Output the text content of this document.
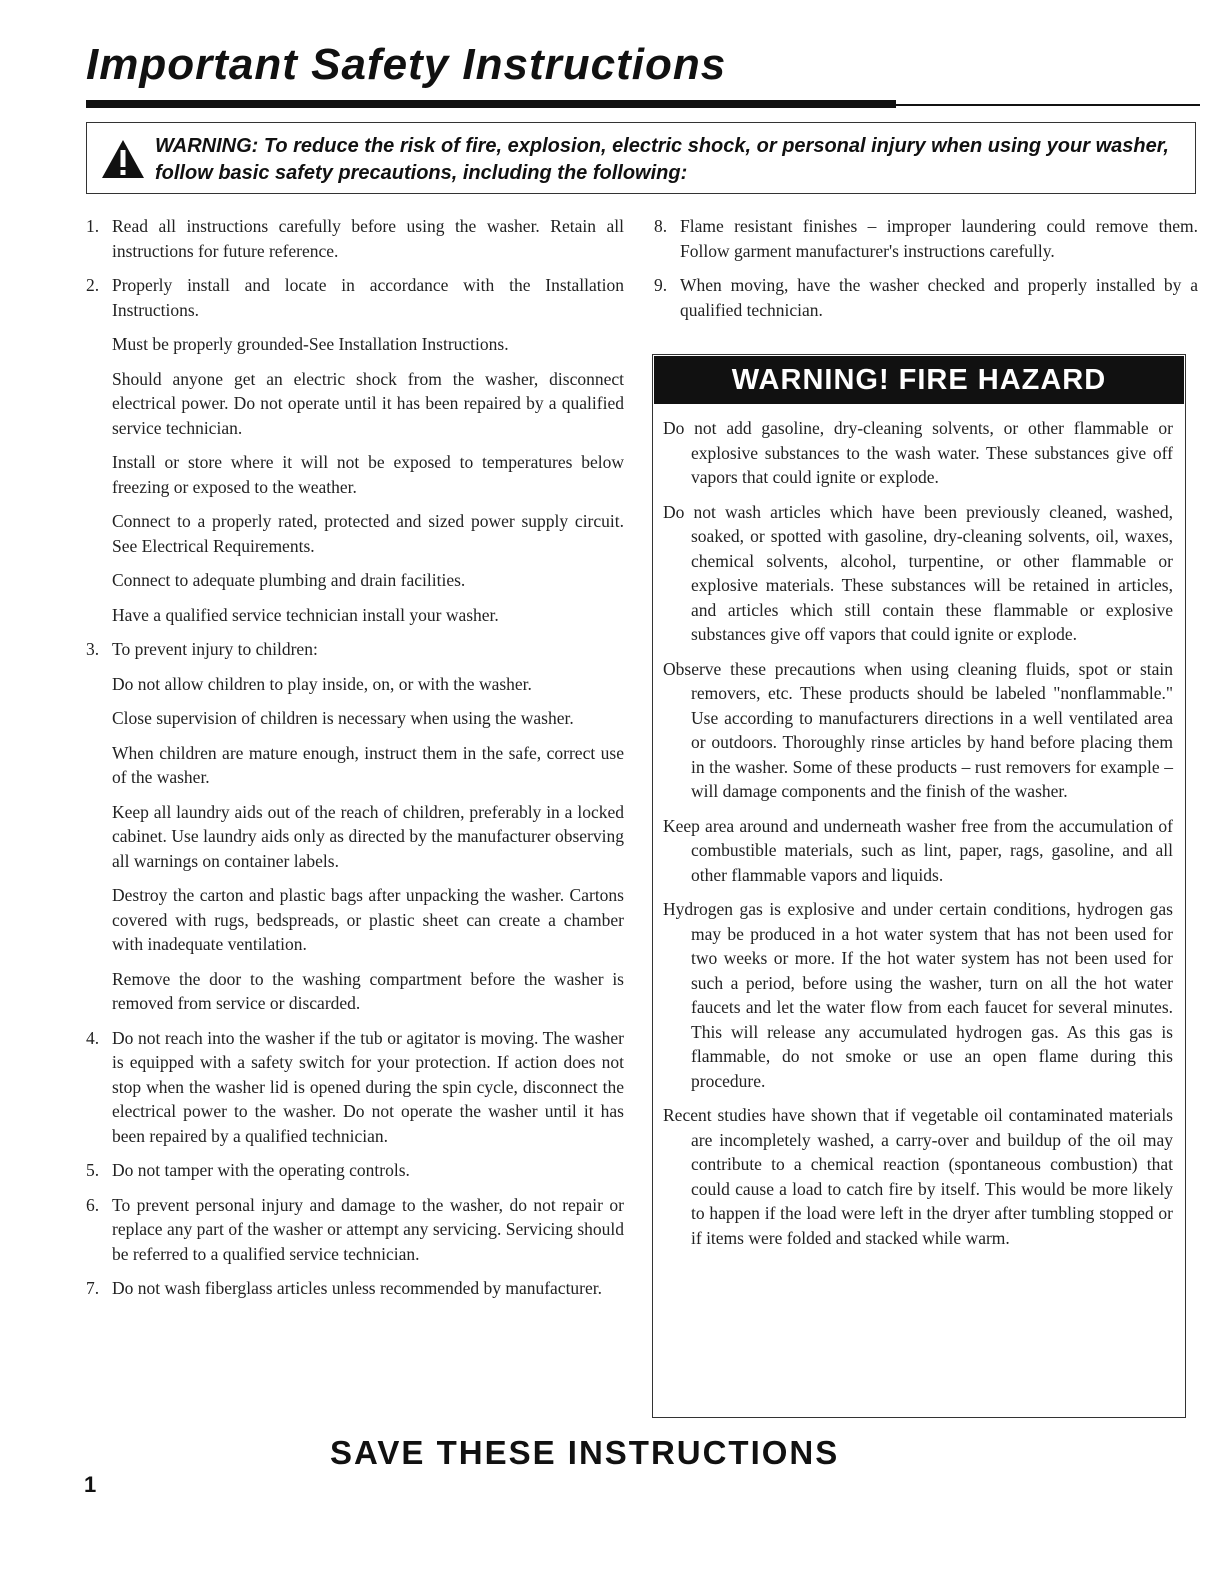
Important Safety Instructions

WARNING: To reduce the risk of fire, explosion, electric shock, or personal injury when using your washer, follow basic safety precautions, including the following:

1. Read all instructions carefully before using the washer. Retain all instructions for future reference.

2. Properly install and locate in accordance with the Installation Instructions.

Must be properly grounded-See Installation Instructions.

Should anyone get an electric shock from the washer, disconnect electrical power. Do not operate until it has been repaired by a qualified service technician.

Install or store where it will not be exposed to temperatures below freezing or exposed to the weather.

Connect to a properly rated, protected and sized power supply circuit. See Electrical Requirements.

Connect to adequate plumbing and drain facilities.

Have a qualified service technician install your washer.

3. To prevent injury to children:

Do not allow children to play inside, on, or with the washer.

Close supervision of children is necessary when using the washer.

When children are mature enough, instruct them in the safe, correct use of the washer.

Keep all laundry aids out of the reach of children, preferably in a locked cabinet. Use laundry aids only as directed by the manufacturer observing all warnings on container labels.

Destroy the carton and plastic bags after unpacking the washer. Cartons covered with rugs, bedspreads, or plastic sheet can create a chamber with inadequate ventilation.

Remove the door to the washing compartment before the washer is removed from service or discarded.

4. Do not reach into the washer if the tub or agitator is moving. The washer is equipped with a safety switch for your protection. If action does not stop when the washer lid is opened during the spin cycle, disconnect the electrical power to the washer. Do not operate the washer until it has been repaired by a qualified technician.

5. Do not tamper with the operating controls.

6. To prevent personal injury and damage to the washer, do not repair or replace any part of the washer or attempt any servicing. Servicing should be referred to a qualified service technician.

7. Do not wash fiberglass articles unless recommended by manufacturer.

8. Flame resistant finishes – improper laundering could remove them. Follow garment manufacturer's instructions carefully.

9. When moving, have the washer checked and properly installed by a qualified technician.

WARNING! FIRE HAZARD

Do not add gasoline, dry-cleaning solvents, or other flammable or explosive substances to the wash water. These substances give off vapors that could ignite or explode.

Do not wash articles which have been previously cleaned, washed, soaked, or spotted with gasoline, dry-cleaning solvents, oil, waxes, chemical solvents, alcohol, turpentine, or other flammable or explosive materials. These substances will be retained in articles, and articles which still contain these flammable or explosive substances give off vapors that could ignite or explode.

Observe these precautions when using cleaning fluids, spot or stain removers, etc. These products should be labeled "nonflammable." Use according to manufacturers directions in a well ventilated area or outdoors. Thoroughly rinse articles by hand before placing them in the washer. Some of these products – rust removers for example – will damage components and the finish of the washer.

Keep area around and underneath washer free from the accumulation of combustible materials, such as lint, paper, rags, gasoline, and all other flammable vapors and liquids.

Hydrogen gas is explosive and under certain conditions, hydrogen gas may be produced in a hot water system that has not been used for two weeks or more. If the hot water system has not been used for such a period, before using the washer, turn on all the hot water faucets and let the water flow from each faucet for several minutes. This will release any accumulated hydrogen gas. As this gas is flammable, do not smoke or use an open flame during this procedure.

Recent studies have shown that if vegetable oil contaminated materials are incompletely washed, a carry-over and buildup of the oil may contribute to a chemical reaction (spontaneous combustion) that could cause a load to catch fire by itself. This would be more likely to happen if the load were left in the dryer after tumbling stopped or if items were folded and stacked while warm.

SAVE THESE INSTRUCTIONS
1
